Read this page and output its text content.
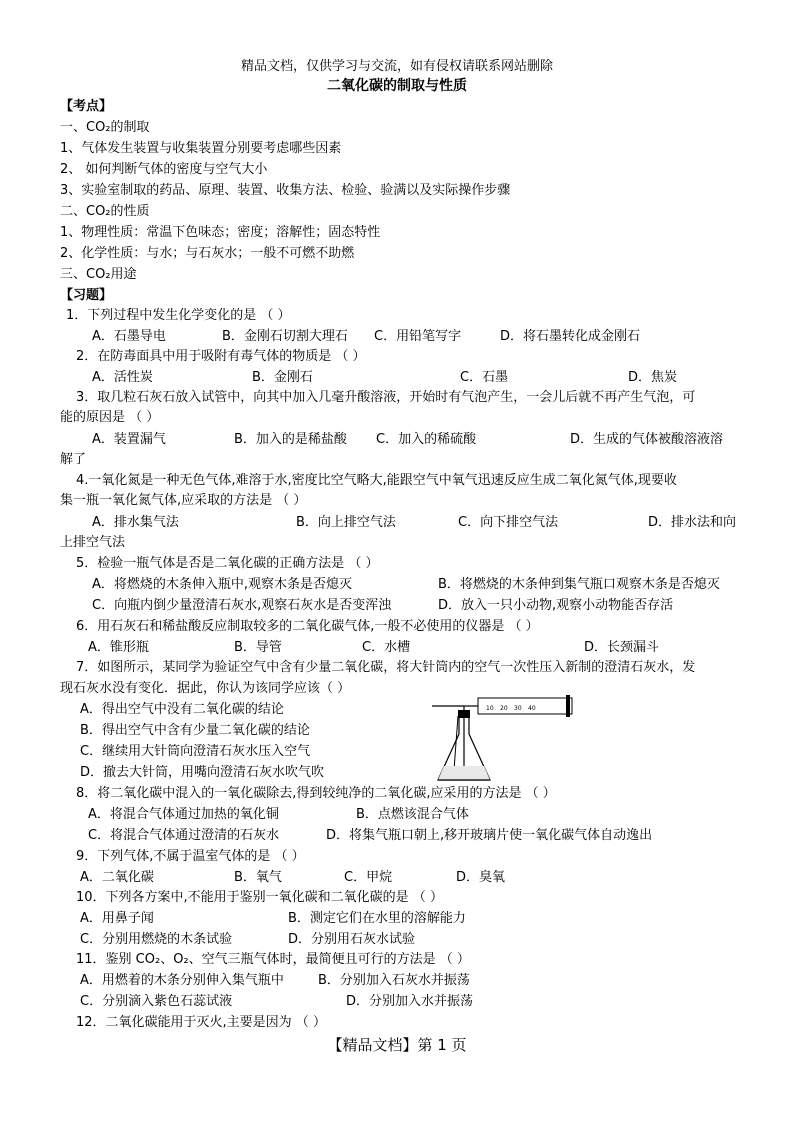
精品文档，仅供学习与交流，如有侵权请联系网站删除
二氧化碳的制取与性质
【考点】
一、CO₂的制取
1、气体发生装置与收集装置分别要考虑哪些因素
2、 如何判断气体的密度与空气大小
3、实验室制取的药品、原理、装置、收集方法、检验、验满以及实际操作步骤
二、CO₂的性质
1、物理性质：常温下色味态；密度；溶解性；固态特性
2、化学性质：与水；与石灰水；一般不可燃不助燃
三、CO₂用途
【习题】
1．下列过程中发生化学变化的是 （ ）
A．石墨导电	B．金刚石切割大理石 C．用铅笔写字	D．将石墨转化成金刚石
2．在防毒面具中用于吸附有毒气体的物质是 （ ）
A．活性炭	B．金刚石	C．石墨	D．焦炭
3．取几粒石灰石放入试管中，向其中加入几毫升酸溶液，开始时有气泡产生，一会儿后就不再产生气泡，可
能的原因是 （ ）
A．装置漏气	B．加入的是稀盐酸 C．加入的稀硫酸	D．生成的气体被酸溶液溶
解了
4.一氧化氮是一种无色气体,难溶于水,密度比空气略大,能跟空气中氧气迅速反应生成二氧化氮气体,现要收
集一瓶一氧化氮气体,应采取的方法是 （ ）
A．排水集气法	B．向上排空气法	C．向下排空气法	D．排水法和向
上排空气法
5．检验一瓶气体是否是二氧化碳的正确方法是 （ ）
A．将燃烧的木条伸入瓶中,观察木条是否熄灭	B．将燃烧的木条伸到集气瓶口观察木条是否熄灭
C．向瓶内倒少量澄清石灰水,观察石灰水是否变浑浊	D．放入一只小动物,观察小动物能否存活
6．用石灰石和稀盐酸反应制取较多的二氧化碳气体,一般不必使用的仪器是 （ ）
A．锥形瓶	B．导管	C．水槽	D．长颈漏斗
7．如图所示，某同学为验证空气中含有少量二氧化碳，将大针筒内的空气一次性压入新制的澄清石灰水，发
现石灰水没有变化．据此，你认为该同学应该（ ）
A．得出空气中没有二氧化碳的结论
B．得出空气中含有少量二氧化碳的结论
C．继续用大针筒向澄清石灰水压入空气
D．撤去大针筒，用嘴向澄清石灰水吹气吹
10 20 30 40
8．将二氧化碳中混入的一氧化碳除去,得到较纯净的二氧化碳,应采用的方法是 （ ）
A．将混合气体通过加热的氧化铜	B．点燃该混合气体
C．将混合气体通过澄清的石灰水	D．将集气瓶口朝上,移开玻璃片使一氧化碳气体自动逸出
9．下列气体,不属于温室气体的是 （ ）
A．二氧化碳	B．氧气	C．甲烷	D．臭氧
10．下列各方案中,不能用于鉴别一氧化碳和二氧化碳的是 （ ）
A．用鼻子闻	B．测定它们在水里的溶解能力
C．分别用燃烧的木条试验	D．分别用石灰水试验
11．鉴别 CO₂、O₂、空气三瓶气体时，最简便且可行的方法是 （ ）
A．用燃着的木条分别伸入集气瓶中	B．分别加入石灰水并振荡
C．分别滴入紫色石蕊试液	D．分别加入水并振荡
12．二氧化碳能用于灭火,主要是因为 （ ）
【精品文档】第 1 页
